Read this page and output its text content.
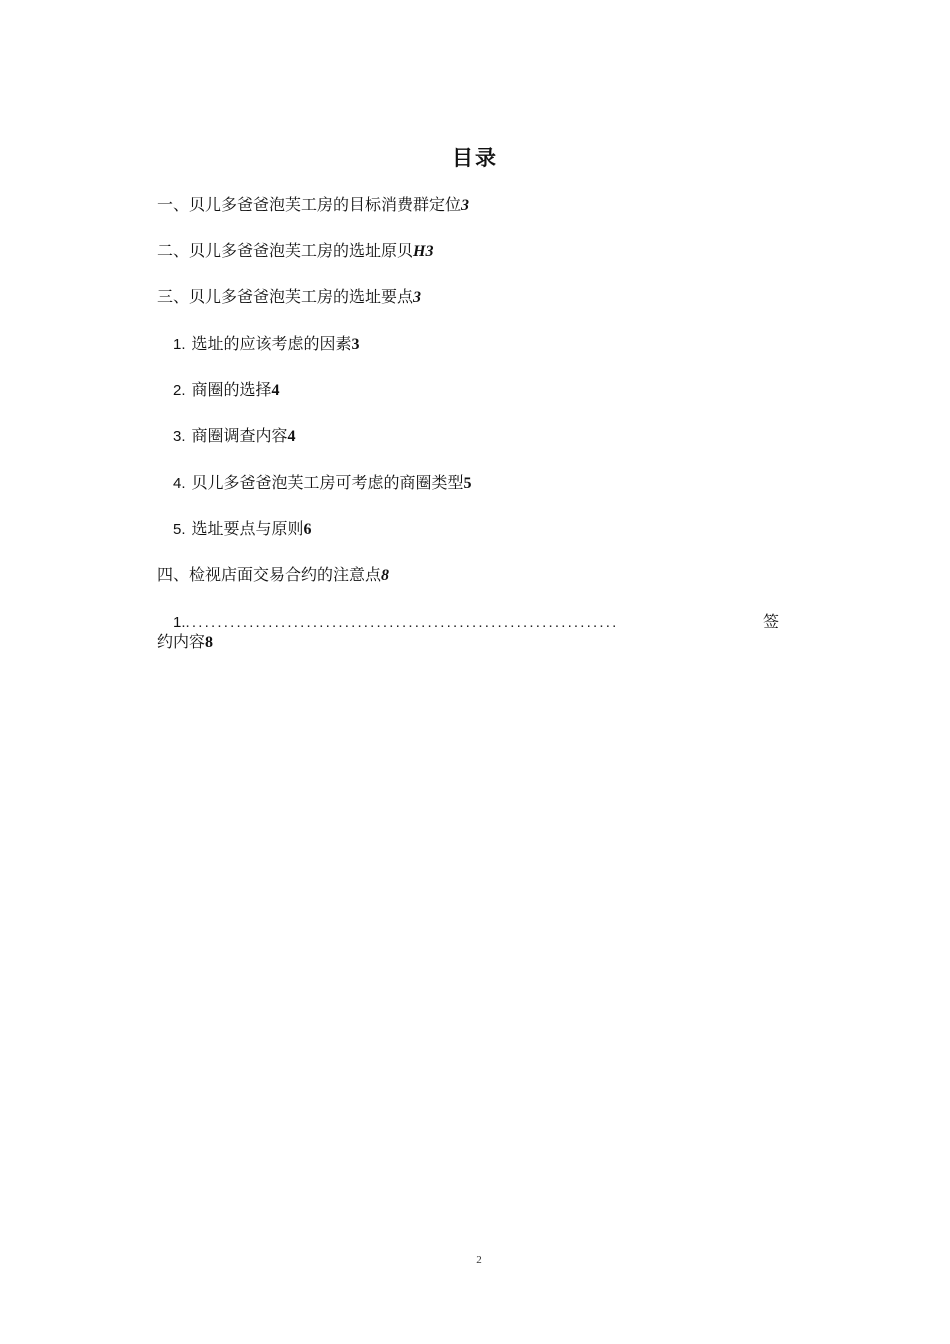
目录
一、贝儿多爸爸泡芙工房的目标消费群定位3
二、贝儿多爸爸泡芙工房的选址原贝H3
三、贝儿多爸爸泡芙工房的选址要点3
1. 选址的应该考虑的因素3
2. 商圈的选择4
3. 商圈调查内容4
4. 贝儿多爸爸泡芙工房可考虑的商圈类型5
5. 选址要点与原则6
四、检视店面交易合约的注意点8
1. ....................................................................	签
约内容8
2
